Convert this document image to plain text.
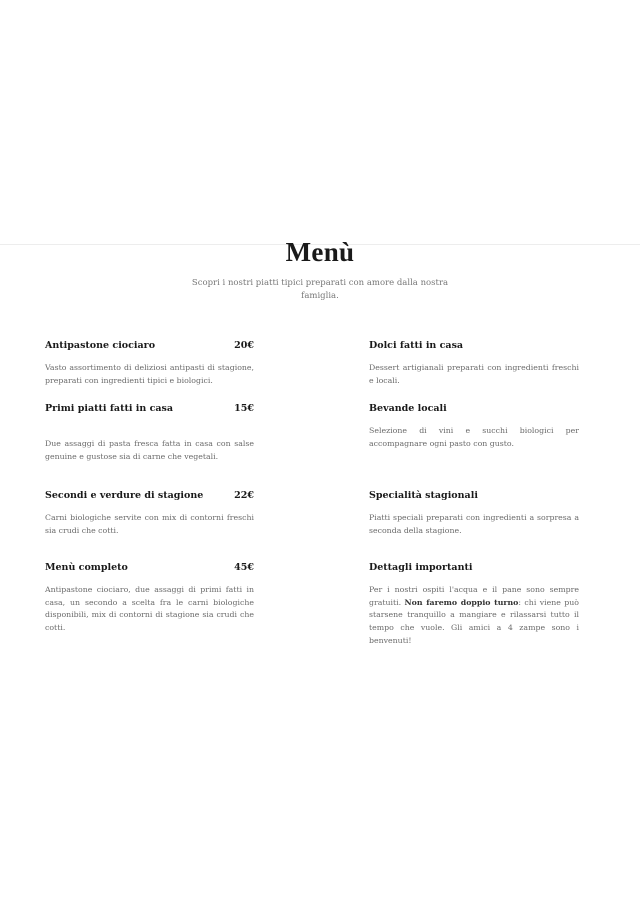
Menù

Scopri i nostri piatti tipici preparati con amore dalla nostra famiglia.

Antipastone ciociaro	20€
Vasto assortimento di deliziosi antipasti di stagione, preparati con ingredienti tipici e biologici.
Primi piatti fatti in casa	15€
Due assaggi di pasta fresca fatta in casa con salse genuine e gustose sia di carne che vegetali.
Secondi e verdure di stagione	22€
Carni biologiche servite con mix di contorni freschi sia crudi che cotti.
Menù completo	45€
Antipastone ciociaro, due assaggi di primi fatti in casa, un secondo a scelta fra le carni biologiche disponibili, mix di contorni di stagione sia crudi che cotti.
Dolci fatti in casa
Dessert artigianali preparati con ingredienti freschi e locali.
Bevande locali
Selezione di vini e succhi biologici per accompagnare ogni pasto con gusto.
Specialità stagionali
Piatti speciali preparati con ingredienti a sorpresa a seconda della stagione.
Dettagli importanti
Per i nostri ospiti l'acqua e il pane sono sempre gratuiti. Non faremo doppio turno: chi viene può starsene tranquillo a mangiare e rilassarsi tutto il tempo che vuole. Gli amici a 4 zampe sono i benvenuti!
